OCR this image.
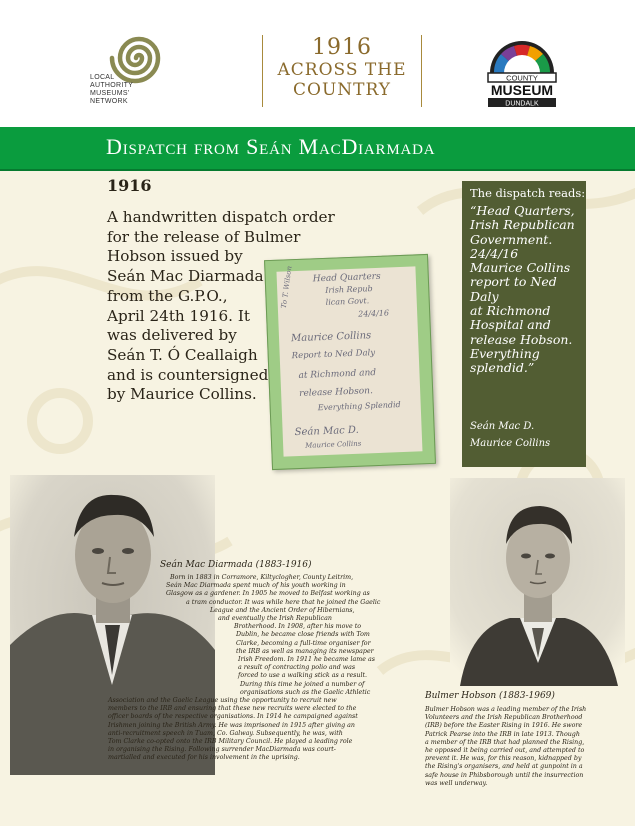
LOCAL
AUTHORITY
MUSEUMS'
NETWORK
1916
ACROSS THE
COUNTRY
COUNTY
MUSEUM
DUNDALK
Dispatch from Seán MacDiarmada
1916
A handwritten dispatch order
for the release of Bulmer
Hobson issued by
Seán Mac Diarmada
from the G.P.O.,
April 24th 1916. It
was delivered by
Seán T. Ó Ceallaigh
and is countersigned
by Maurice Collins.
To T. Wilson Head Quarters
Irish Repub
lican Govt.
24/4/16
Maurice Collins
Report to Ned Daly
at Richmond and
release Hobson.
Everything Splendid
Seán Mac D.
Maurice Collins
The dispatch reads:
“Head Quarters,
Irish Republican
Government.
24/4/16
Maurice Collins
report to Ned
Daly
at Richmond
Hospital and
release Hobson.
Everything
splendid.”
Seán Mac D.
Maurice Collins
Seán Mac Diarmada (1883-1916)
Born in 1883 in Corramore, Kiltyclogher, County Leitrim,
Seán Mac Diarmada spent much of his youth working in
Glasgow as a gardener. In 1905 he moved to Belfast working as
a tram conductor. It was while here that he joined the Gaelic
League and the Ancient Order of Hibernians,
and eventually the Irish Republican
Brotherhood. In 1908, after his move to
Dublin, he became close friends with Tom
Clarke, becoming a full-time organiser for
the IRB as well as managing its newspaper
Irish Freedom. In 1911 he became lame as
a result of contracting polio and was
forced to use a walking stick as a result.
During this time he joined a number of
organisations such as the Gaelic Athletic
Association and the Gaelic League using the opportunity to recruit new
members to the IRB and ensuring that these new recruits were elected to the
officer boards of the respective organisations. In 1914 he campaigned against
Irishmen joining the British Army. He was imprisoned in 1915 after giving an
anti-recruitment speech in Tuam, Co. Galway. Subsequently, he was, with
Tom Clarke co-opted onto the IRB Military Council. He played a leading role
in organising the Rising. Following surrender MacDiarmada was court-
martialled and executed for his involvement in the uprising.
Bulmer Hobson (1883-1969)
Bulmer Hobson was a leading member of the Irish
Volunteers and the Irish Republican Brotherhood
(IRB) before the Easter Rising in 1916. He swore
Patrick Pearse into the IRB in late 1913. Though
a member of the IRB that had planned the Rising,
he opposed it being carried out, and attempted to
prevent it. He was, for this reason, kidnapped by
the Rising's organisers, and held at gunpoint in a
safe house in Phibsborough until the insurrection
was well underway.
